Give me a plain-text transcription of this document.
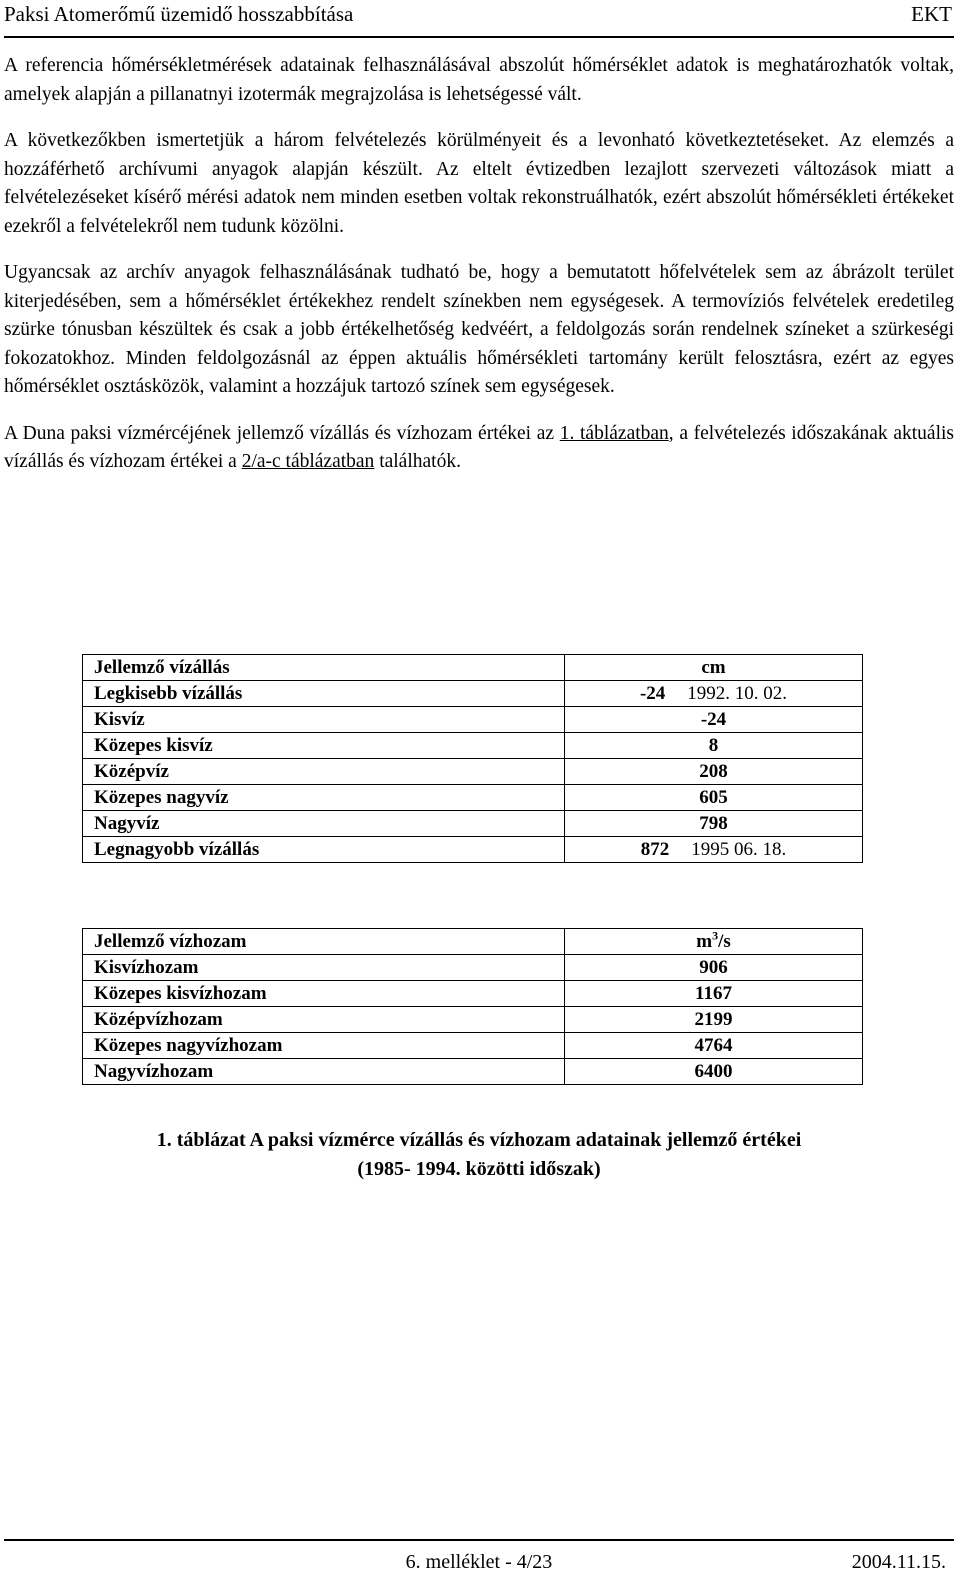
Paksi Atomerőmű üzemidő hosszabbítása	EKT

A referencia hőmérsékletmérések adatainak felhasználásával abszolút hőmérséklet adatok is meghatározhatók voltak, amelyek alapján a pillanatnyi izotermák megrajzolása is lehetségessé vált.

A következőkben ismertetjük a három felvételezés körülményeit és a levonható következtetéseket. Az elemzés a hozzáférhető archívumi anyagok alapján készült. Az eltelt évtizedben lezajlott szervezeti változások miatt a felvételezéseket kísérő mérési adatok nem minden esetben voltak rekonstruálhatók, ezért abszolút hőmérsékleti értékeket ezekről a felvételekről nem tudunk közölni.

Ugyancsak az archív anyagok felhasználásának tudható be, hogy a bemutatott hőfelvételek sem az ábrázolt terület kiterjedésében, sem a hőmérséklet értékekhez rendelt színekben nem egységesek. A termovíziós felvételek eredetileg szürke tónusban készültek és csak a jobb értékelhetőség kedvéért, a feldolgozás során rendelnek színeket a szürkeségi fokozatokhoz. Minden feldolgozásnál az éppen aktuális hőmérsékleti tartomány került felosztásra, ezért az egyes hőmérséklet osztásközök, valamint a hozzájuk tartozó színek sem egységesek.

A Duna paksi vízmércéjének jellemző vízállás és vízhozam értékei az 1. táblázatban, a felvételezés időszakának aktuális vízállás és vízhozam értékei a 2/a-c táblázatban találhatók.

Jellemző vízállás	cm
Legkisebb vízállás	-24 1992. 10. 02.
Kisvíz	-24
Közepes kisvíz	8
Középvíz	208
Közepes nagyvíz	605
Nagyvíz	798
Legnagyobb vízállás	872 1995 06. 18.
Jellemző vízhozam	$m^3/s$
Kisvízhozam	906
Közepes kisvízhozam	1167
Középvízhozam	2199
Közepes nagyvízhozam	4764
Nagyvízhozam	6400
1. táblázat A paksi vízmérce vízállás és vízhozam adatainak jellemző értékei
(1985- 1994. közötti időszak)
6. melléklet - 4/23	2004.11.15.
